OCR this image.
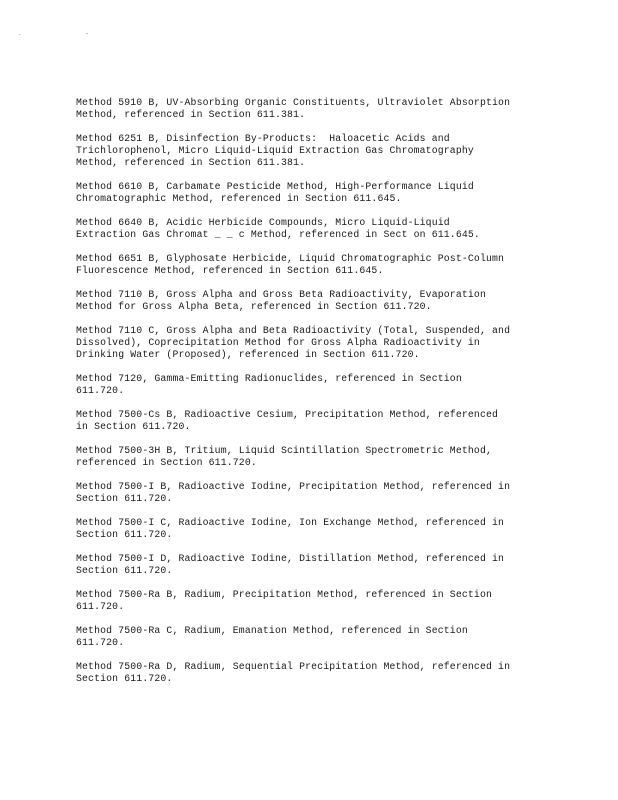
. -

Method 5910 B, UV-Absorbing Organic Constituents, Ultraviolet Absorption
Method, referenced in Section 611.381.

Method 6251 B, Disinfection By-Products:  Haloacetic Acids and
Trichlorophenol, Micro Liquid-Liquid Extraction Gas Chromatography
Method, referenced in Section 611.381.

Method 6610 B, Carbamate Pesticide Method, High-Performance Liquid
Chromatographic Method, referenced in Section 611.645.

Method 6640 B, Acidic Herbicide Compounds, Micro Liquid-Liquid
Extraction Gas Chromat _ _ c Method, referenced in Sect on 611.645.

Method 6651 B, Glyphosate Herbicide, Liquid Chromatographic Post-Column
Fluorescence Method, referenced in Section 611.645.

Method 7110 B, Gross Alpha and Gross Beta Radioactivity, Evaporation
Method for Gross Alpha Beta, referenced in Section 611.720.

Method 7110 C, Gross Alpha and Beta Radioactivity (Total, Suspended, and
Dissolved), Coprecipitation Method for Gross Alpha Radioactivity in
Drinking Water (Proposed), referenced in Section 611.720.

Method 7120, Gamma-Emitting Radionuclides, referenced in Section
611.720.

Method 7500-Cs B, Radioactive Cesium, Precipitation Method, referenced
in Section 611.720.

Method 7500-3H B, Tritium, Liquid Scintillation Spectrometric Method,
referenced in Section 611.720.

Method 7500-I B, Radioactive Iodine, Precipitation Method, referenced in
Section 611.720.

Method 7500-I C, Radioactive Iodine, Ion Exchange Method, referenced in
Section 611.720.

Method 7500-I D, Radioactive Iodine, Distillation Method, referenced in
Section 611.720.

Method 7500-Ra B, Radium, Precipitation Method, referenced in Section
611.720.

Method 7500-Ra C, Radium, Emanation Method, referenced in Section
611.720.

Method 7500-Ra D, Radium, Sequential Precipitation Method, referenced in
Section 611.720.
